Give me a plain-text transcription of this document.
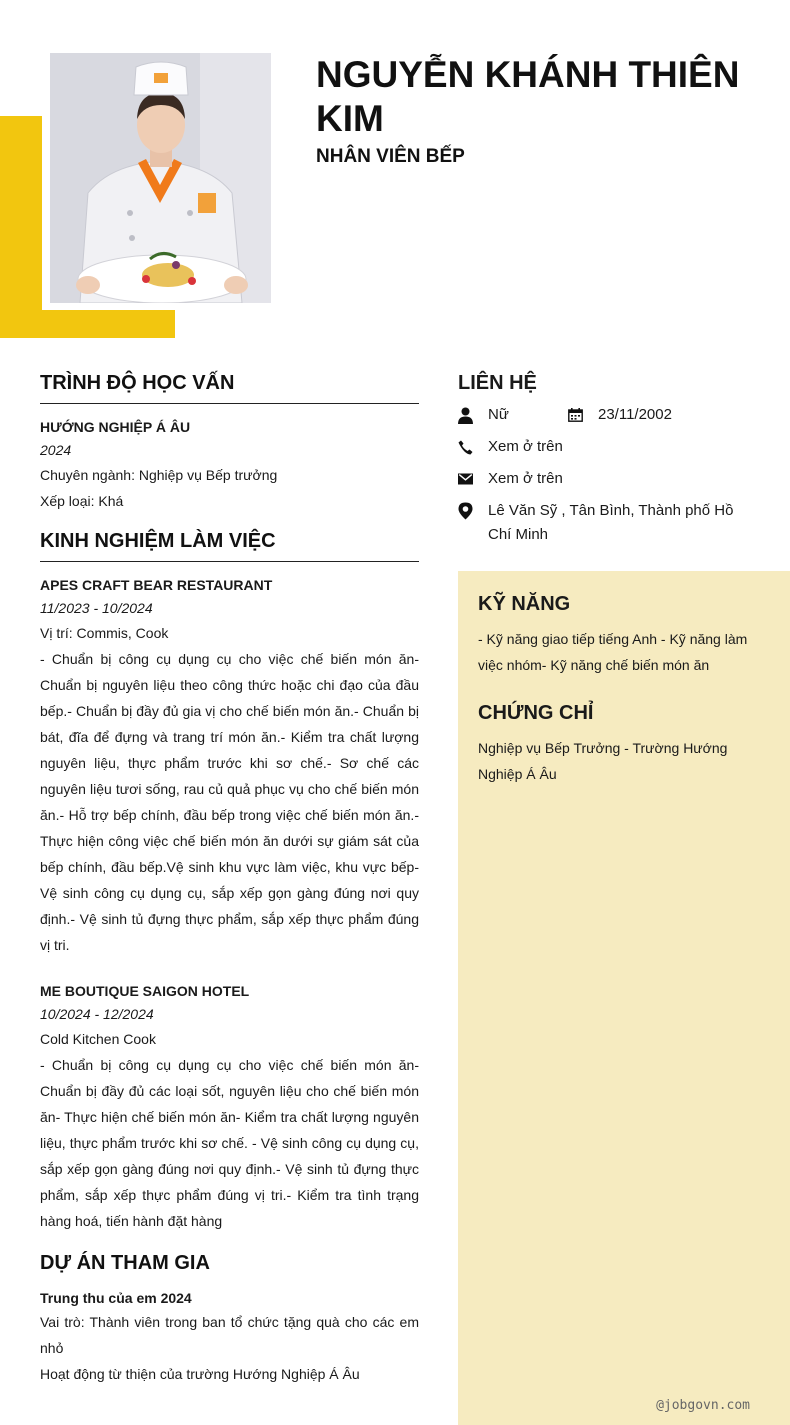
NGUYỄN KHÁNH THIÊN KIM
NHÂN VIÊN BẾP
TRÌNH ĐỘ HỌC VẤN
HƯỚNG NGHIỆP Á ÂU
2024
Chuyên ngành: Nghiệp vụ Bếp trưởng
Xếp loại: Khá
KINH NGHIỆM LÀM VIỆC
APES CRAFT BEAR RESTAURANT
11/2023 - 10/2024
Vị trí: Commis, Cook
- Chuẩn bị công cụ dụng cụ cho việc chế biến món ăn- Chuẩn bị nguyên liệu theo công thức hoặc chi đạo của đầu bếp.- Chuẩn bị đầy đủ gia vị cho chế biến món ăn.- Chuẩn bị bát, đĩa để đựng và trang trí món ăn.- Kiểm tra chất lượng nguyên liệu, thực phẩm trước khi sơ chế.- Sơ chế các nguyên liệu tươi sống, rau củ quả phục vụ cho chế biến món ăn.- Hỗ trợ bếp chính, đầu bếp trong việc chế biến món ăn.- Thực hiện công việc chế biến món ăn dưới sự giám sát của bếp chính, đầu bếp.Vệ sinh khu vực làm việc, khu vực bếp- Vệ sinh công cụ dụng cụ, sắp xếp gọn gàng đúng nơi quy định.- Vệ sinh tủ đựng thực phẩm, sắp xếp thực phẩm đúng vị tri.
ME BOUTIQUE SAIGON HOTEL
10/2024 - 12/2024
Cold Kitchen Cook
- Chuẩn bị công cụ dụng cụ cho việc chế biến món ăn- Chuẩn bị đầy đủ các loại sốt, nguyên liệu cho chế biến món ăn- Thực hiện chế biến món ăn- Kiểm tra chất lượng nguyên liệu, thực phẩm trước khi sơ chế. - Vệ sinh công cụ dụng cụ, sắp xếp gọn gàng đúng nơi quy định.- Vệ sinh tủ đựng thực phẩm, sắp xếp thực phẩm đúng vị tri.- Kiểm tra tình trạng hàng hoá, tiến hành đặt hàng
DỰ ÁN THAM GIA
Trung thu của em 2024
Vai trò: Thành viên trong ban tổ chức tặng quà cho các em nhỏ
Hoạt động từ thiện của trường Hướng Nghiệp Á Âu
LIÊN HỆ
Nữ	23/11/2002
Xem ở trên
Xem ở trên
Lê Văn Sỹ , Tân Bình, Thành phố Hồ Chí Minh
KỸ NĂNG
- Kỹ năng giao tiếp tiếng Anh - Kỹ năng làm việc nhóm- Kỹ năng chế biến món ăn
CHỨNG CHỈ
Nghiệp vụ Bếp Trưởng - Trường Hướng Nghiệp Á Âu
@jobgovn.com
